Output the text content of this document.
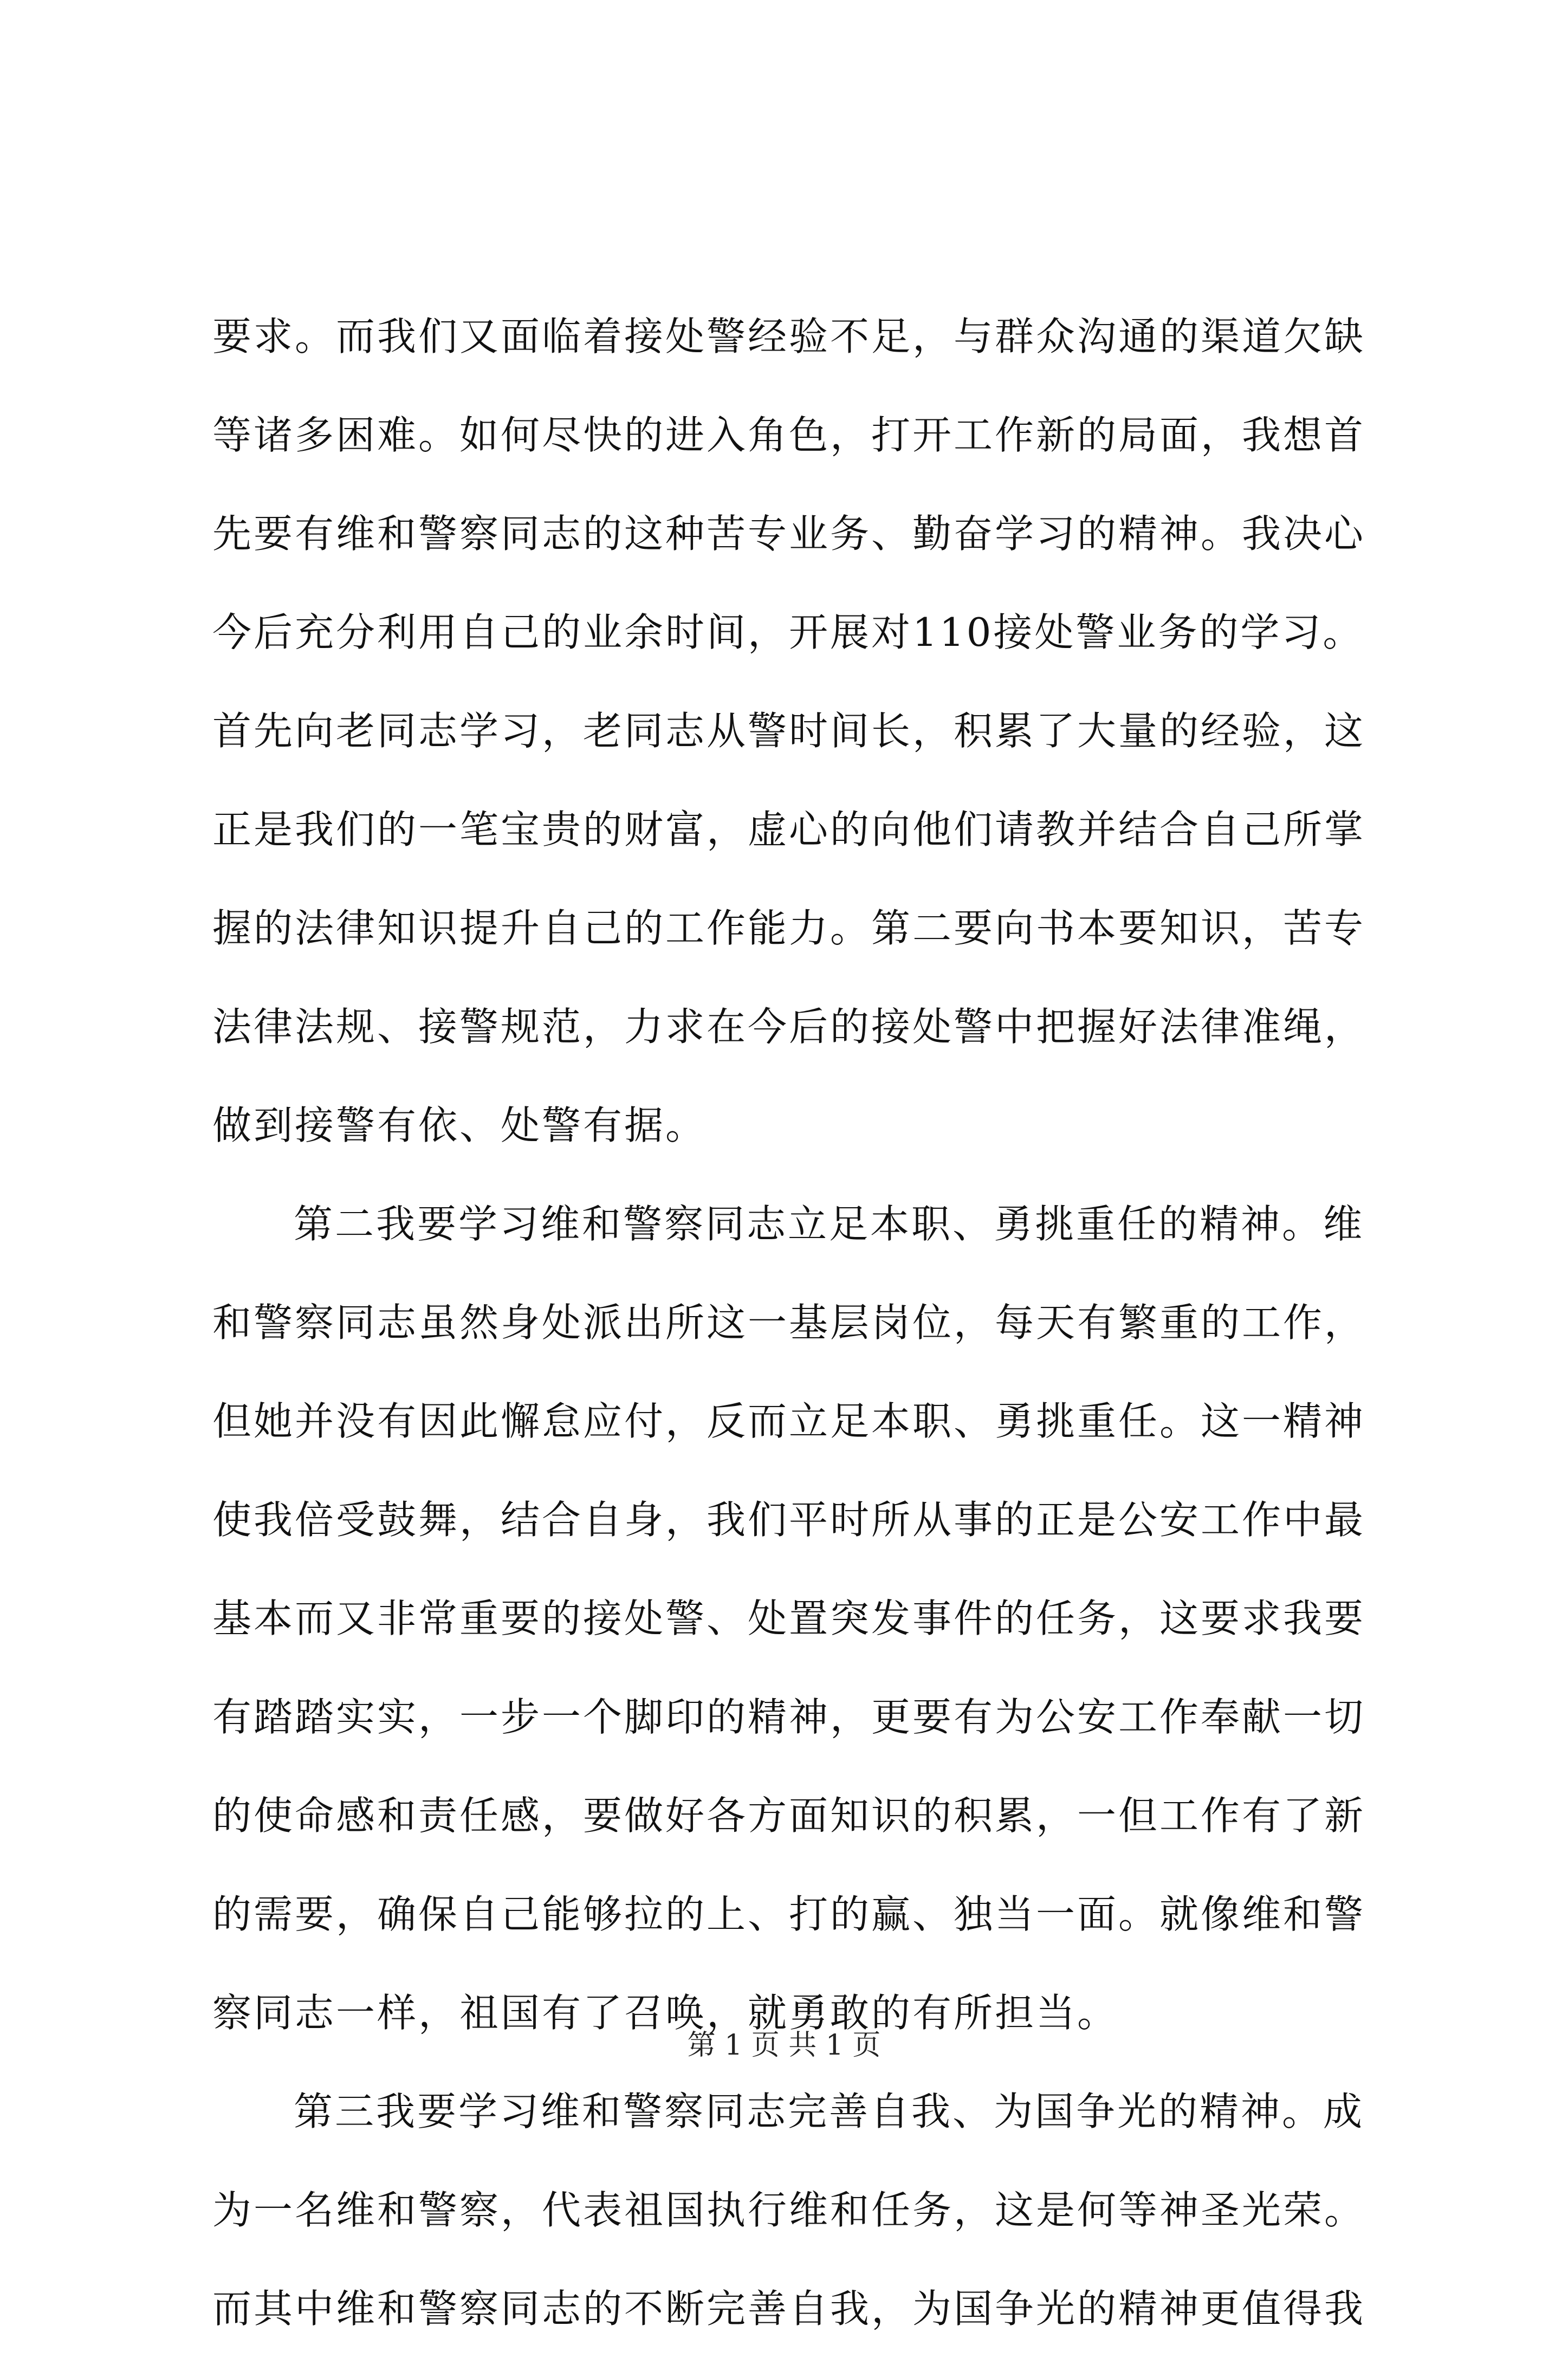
要求。而我们又面临着接处警经验不足，与群众沟通的渠道欠缺
等诸多困难。如何尽快的进入角色，打开工作新的局面，我想首
先要有维和警察同志的这种苦专业务、勤奋学习的精神。我决心
今后充分利用自己的业余时间，开展对110接处警业务的学习。
首先向老同志学习，老同志从警时间长，积累了大量的经验，这
正是我们的一笔宝贵的财富，虚心的向他们请教并结合自己所掌
握的法律知识提升自己的工作能力。第二要向书本要知识，苦专
法律法规、接警规范，力求在今后的接处警中把握好法律准绳，
做到接警有依、处警有据。
第二我要学习维和警察同志立足本职、勇挑重任的精神。维
和警察同志虽然身处派出所这一基层岗位，每天有繁重的工作，
但她并没有因此懈怠应付，反而立足本职、勇挑重任。这一精神
使我倍受鼓舞，结合自身，我们平时所从事的正是公安工作中最
基本而又非常重要的接处警、处置突发事件的任务，这要求我要
有踏踏实实，一步一个脚印的精神，更要有为公安工作奉献一切
的使命感和责任感，要做好各方面知识的积累，一但工作有了新
的需要，确保自己能够拉的上、打的赢、独当一面。就像维和警
察同志一样，祖国有了召唤，就勇敢的有所担当。
第三我要学习维和警察同志完善自我、为国争光的精神。成
为一名维和警察，代表祖国执行维和任务，这是何等神圣光荣。
而其中维和警察同志的不断完善自我，为国争光的精神更值得我
第 1 页 共 1 页
